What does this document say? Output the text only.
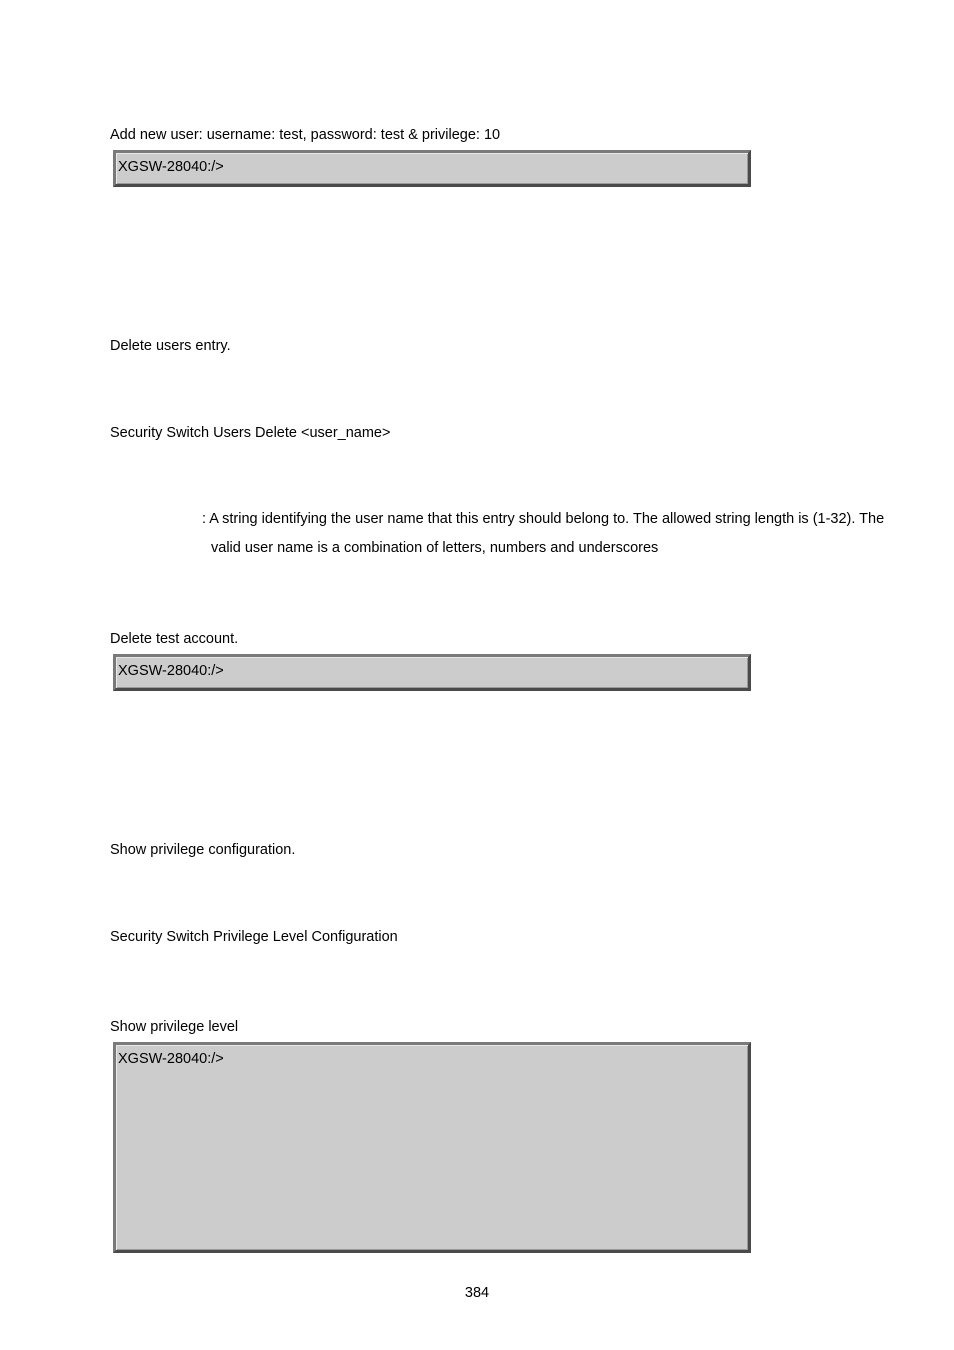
Add new user: username: test, password: test & privilege: 10
XGSW-28040:/>
Delete users entry.
Security Switch Users Delete <user_name>
: A string identifying the user name that this entry should belong to. The allowed string length is (1-32). The
valid user name is a combination of letters, numbers and underscores
Delete test account.
XGSW-28040:/>
Show privilege configuration.
Security Switch Privilege Level Configuration
Show privilege level
XGSW-28040:/>
384
